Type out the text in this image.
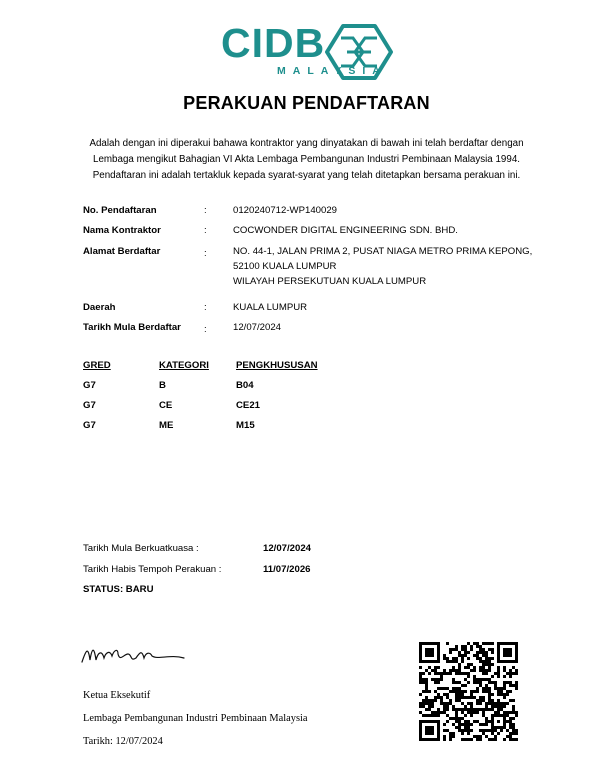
CIDB
MALAYSIA
PERAKUAN PENDAFTARAN
Adalah dengan ini diperakui bahawa kontraktor yang dinyatakan di bawah ini telah berdaftar dengan
Lembaga mengikut Bahagian VI Akta Lembaga Pembangunan Industri Pembinaan Malaysia 1994.
Pendaftaran ini adalah tertakluk kepada syarat-syarat yang telah ditetapkan bersama perakuan ini.
No. Pendaftaran	:	0120240712-WP140029
Nama Kontraktor	:	COCWONDER DIGITAL ENGINEERING SDN. BHD.
Alamat Berdaftar	:	NO. 44-1, JALAN PRIMA 2, PUSAT NIAGA METRO PRIMA KEPONG,
52100 KUALA LUMPUR
WILAYAH PERSEKUTUAN KUALA LUMPUR
Daerah	:	KUALA LUMPUR
Tarikh Mula Berdaftar :	12/07/2024
GRED	KATEGORI	PENGKHUSUSAN
G7	B	B04
G7	CE	CE21
G7	ME	M15
Tarikh Mula Berkuatkuasa :	12/07/2024
Tarikh Habis Tempoh Perakuan :	11/07/2026
STATUS: BARU
Ketua Eksekutif
Lembaga Pembangunan Industri Pembinaan Malaysia
Tarikh: 12/07/2024
